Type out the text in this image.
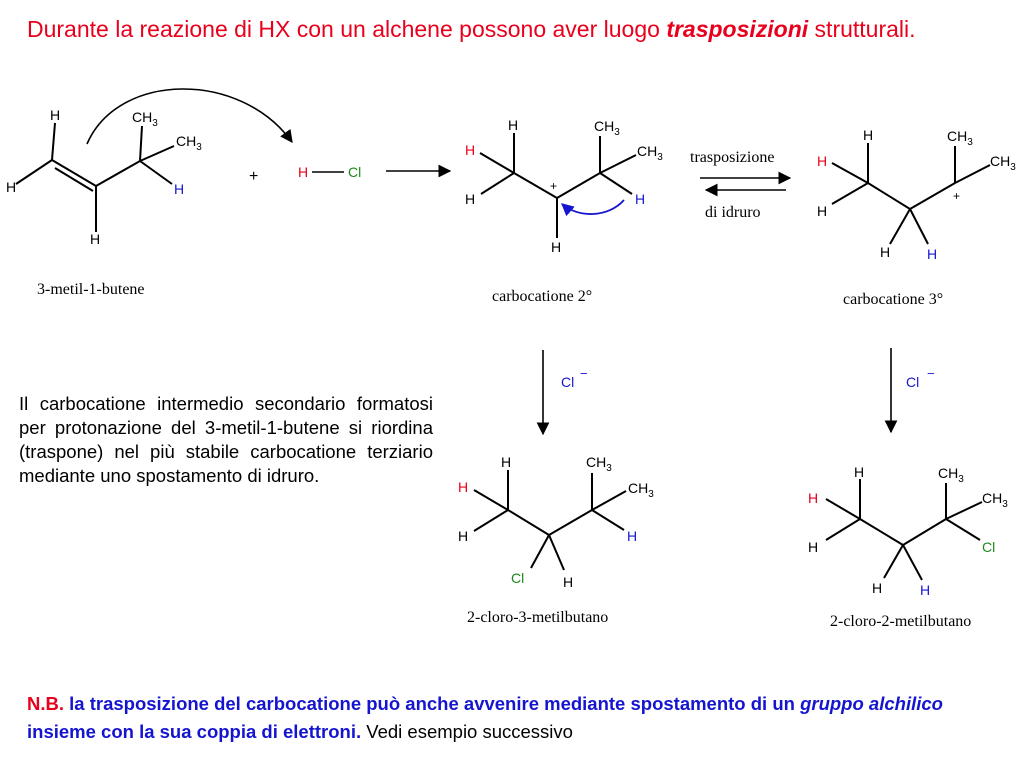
Durante la reazione di HX con un alchene possono aver luogo trasposizioni strutturali.
H
H
H
$CH_3$
$CH_3$
H
+	H	Cl
3-metil-1-butene
H
H
H
H
+
$CH_3$
$CH_3$
H
carbocatione 2°
trasposizione
di idruro
H
H
H
H	H
+
$CH_3$
$CH_3$
carbocatione 3°
Cl
−
Cl
−
H
H
H
Cl	H
$CH_3$
$CH_3$
H
2-cloro-3-metilbutano
H
H
H
H	H
$CH_3$
$CH_3$
Cl
2-cloro-2-metilbutano
Il carbocatione intermedio secondario formatosi per protonazione del 3-metil-1-butene si riordina (traspone) nel più stabile carbocatione terziario mediante uno spostamento di idruro.
N.B. la trasposizione del carbocatione può anche avvenire mediante spostamento di un gruppo alchilico insieme con la sua coppia di elettroni. Vedi esempio successivo
